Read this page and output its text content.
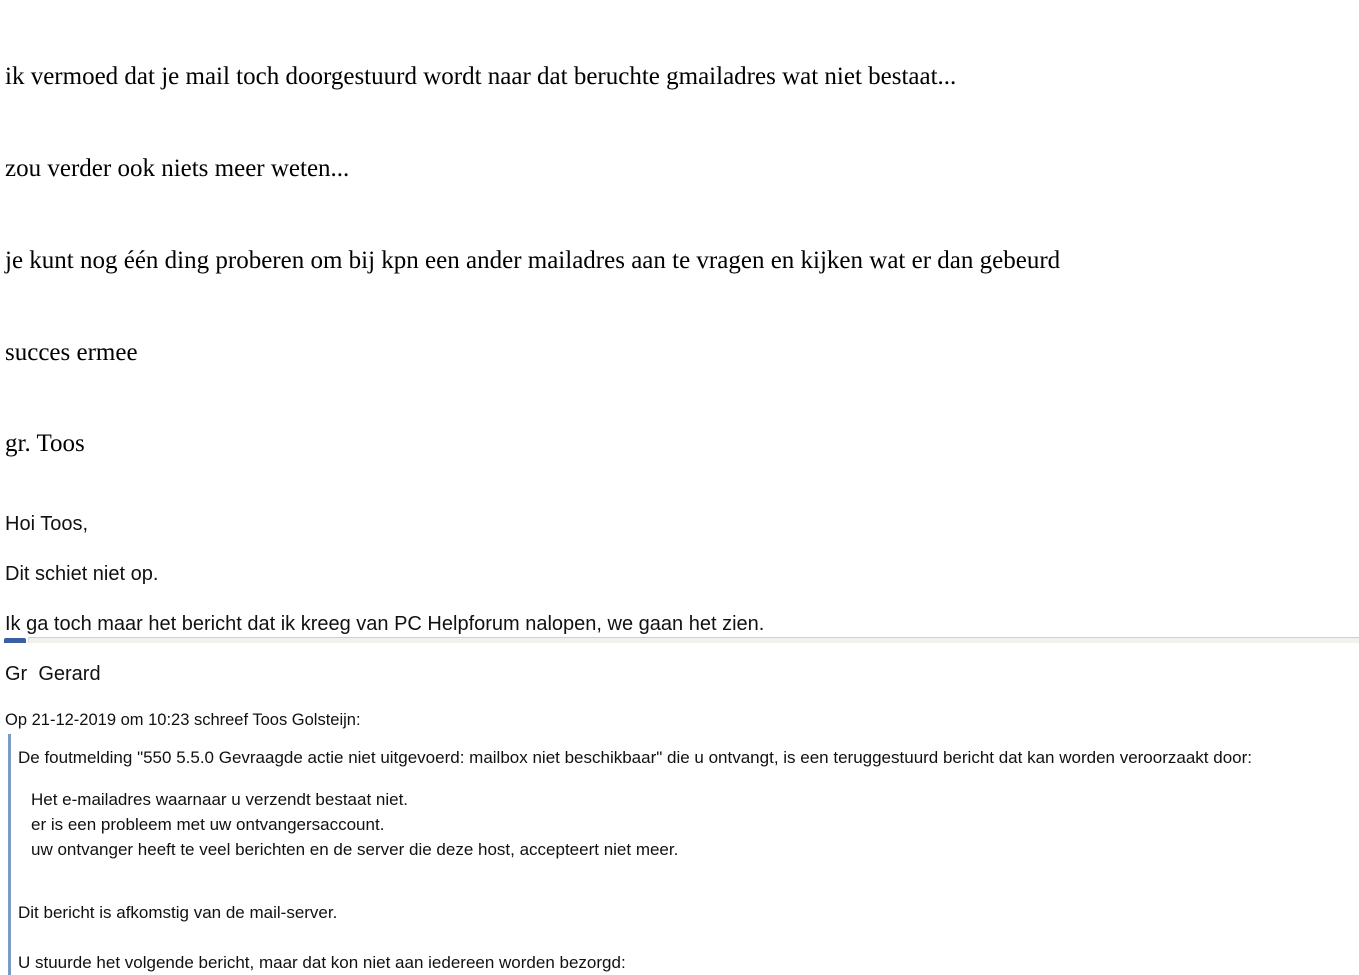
ik vermoed dat je mail toch doorgestuurd wordt naar dat beruchte gmailadres wat niet bestaat...

zou verder ook niets meer weten...

je kunt nog één ding proberen om bij kpn een ander mailadres aan te vragen en kijken wat er dan gebeurd

succes ermee

gr. Toos

Hoi Toos,

Dit schiet niet op.

Ik ga toch maar het bericht dat ik kreeg van PC Helpforum nalopen, we gaan het zien.

Gr  Gerard

Op 21-12-2019 om 10:23 schreef Toos Golsteijn:
De foutmelding "550 5.5.0 Gevraagde actie niet uitgevoerd: mailbox niet beschikbaar" die u ontvangt, is een teruggestuurd bericht dat kan worden veroorzaakt door:
Het e-mailadres waarnaar u verzendt bestaat niet.
er is een probleem met uw ontvangersaccount.
uw ontvanger heeft te veel berichten en de server die deze host, accepteert niet meer.
Dit bericht is afkomstig van de mail-server.
U stuurde het volgende bericht, maar dat kon niet aan iedereen worden bezorgd:
